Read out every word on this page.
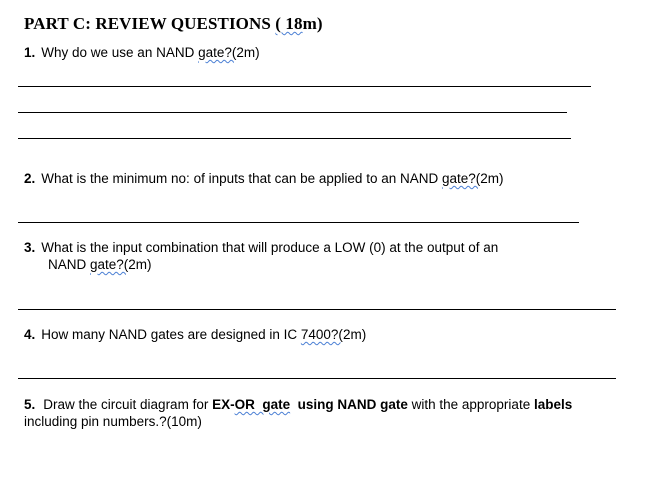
PART C: REVIEW QUESTIONS ( 18m)
1. Why do we use an NAND gate?(2m)
2. What is the minimum no: of inputs that can be applied to an NAND gate?(2m)
3. What is the input combination that will produce a LOW (0) at the output of an
NAND gate?(2m)
4. How many NAND gates are designed in IC 7400?(2m)
5. Draw the circuit diagram for EX-OR  gate  using NAND gate with the appropriate labels
including pin numbers.?(10m)
